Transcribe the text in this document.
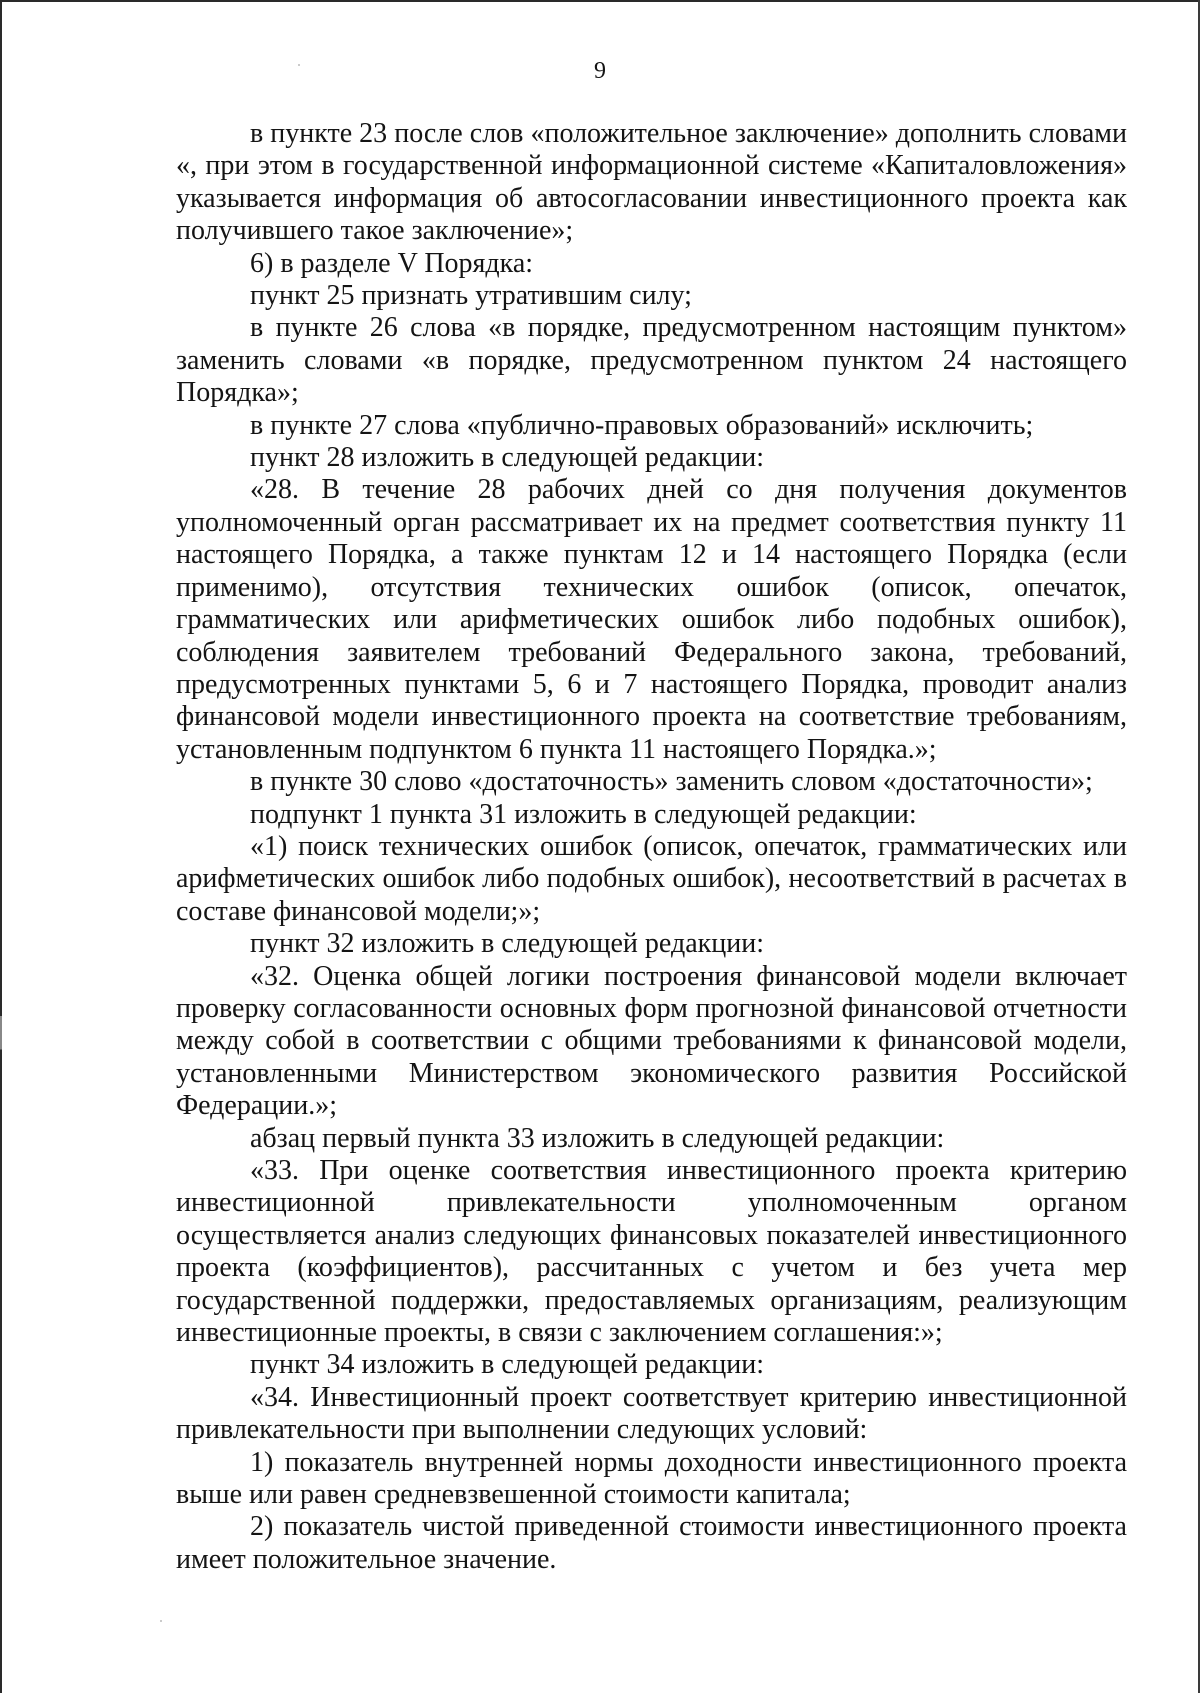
9

в пункте 23 после слов «положительное заключение» дополнить словами «, при этом в государственной информационной системе «Капиталовложения» указывается информация об автосогласовании инвестиционного проекта как получившего такое заключение»;

6) в разделе V Порядка:

пункт 25 признать утратившим силу;

в пункте 26 слова «в порядке, предусмотренном настоящим пунктом» заменить словами «в порядке, предусмотренном пунктом 24 настоящего Порядка»;

в пункте 27 слова «публично-правовых образований» исключить;

пункт 28 изложить в следующей редакции:

«28. В течение 28 рабочих дней со дня получения документов уполномоченный орган рассматривает их на предмет соответствия пункту 11 настоящего Порядка, а также пунктам 12 и 14 настоящего Порядка (если применимо), отсутствия технических ошибок (описок, опечаток, грамматических или арифметических ошибок либо подобных ошибок), соблюдения заявителем требований Федерального закона, требований, предусмотренных пунктами 5, 6 и 7 настоящего Порядка, проводит анализ финансовой модели инвестиционного проекта на соответствие требованиям, установленным подпунктом 6 пункта 11 настоящего Порядка.»;

в пункте 30 слово «достаточность» заменить словом «достаточности»;

подпункт 1 пункта 31 изложить в следующей редакции:

«1) поиск технических ошибок (описок, опечаток, грамматических или арифметических ошибок либо подобных ошибок), несоответствий в расчетах в составе финансовой модели;»;

пункт 32 изложить в следующей редакции:

«32. Оценка общей логики построения финансовой модели включает проверку согласованности основных форм прогнозной финансовой отчетности между собой в соответствии с общими требованиями к финансовой модели, установленными Министерством экономического развития Российской Федерации.»;

абзац первый пункта 33 изложить в следующей редакции:

«33. При оценке соответствия инвестиционного проекта критерию инвестиционной привлекательности уполномоченным органом осуществляется анализ следующих финансовых показателей инвестиционного проекта (коэффициентов), рассчитанных с учетом и без учета мер государственной поддержки, предоставляемых организациям, реализующим инвестиционные проекты, в связи с заключением соглашения:»;

пункт 34 изложить в следующей редакции:

«34. Инвестиционный проект соответствует критерию инвестиционной привлекательности при выполнении следующих условий:

1) показатель внутренней нормы доходности инвестиционного проекта выше или равен средневзвешенной стоимости капитала;

2) показатель чистой приведенной стоимости инвестиционного проекта имеет положительное значение.
